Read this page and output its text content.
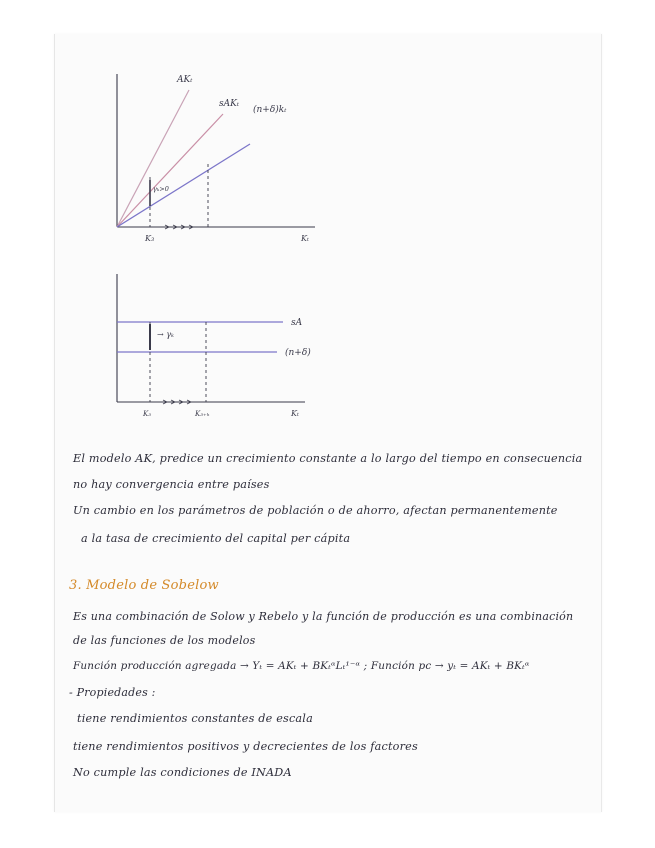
AKₜ
sAKₜ
(n+δ)kₜ
γₖ>0
K₃	Kₜ
sA
(n+δ)
→ γₖ
K₃	K₃₊ₕ	Kₜ
El modelo AK, predice un crecimiento constante a lo largo del tiempo en consecuencia
no hay convergencia entre países
Un cambio en los parámetros de población o de ahorro, afectan permanentemente
a la tasa de crecimiento del capital per cápita
3. Modelo de Sobelow
Es una combinación de Solow y Rebelo y la función de producción es una combinación
de las funciones de los modelos
Función producción agregada → Yₜ = AKₜ + BKₜᵅLₜ¹⁻ᵅ ; Función pc → yₜ = AKₜ + BKₜᵅ
- Propiedades :
tiene rendimientos constantes de escala
tiene rendimientos positivos y decrecientes de los factores
No cumple las condiciones de INADA
